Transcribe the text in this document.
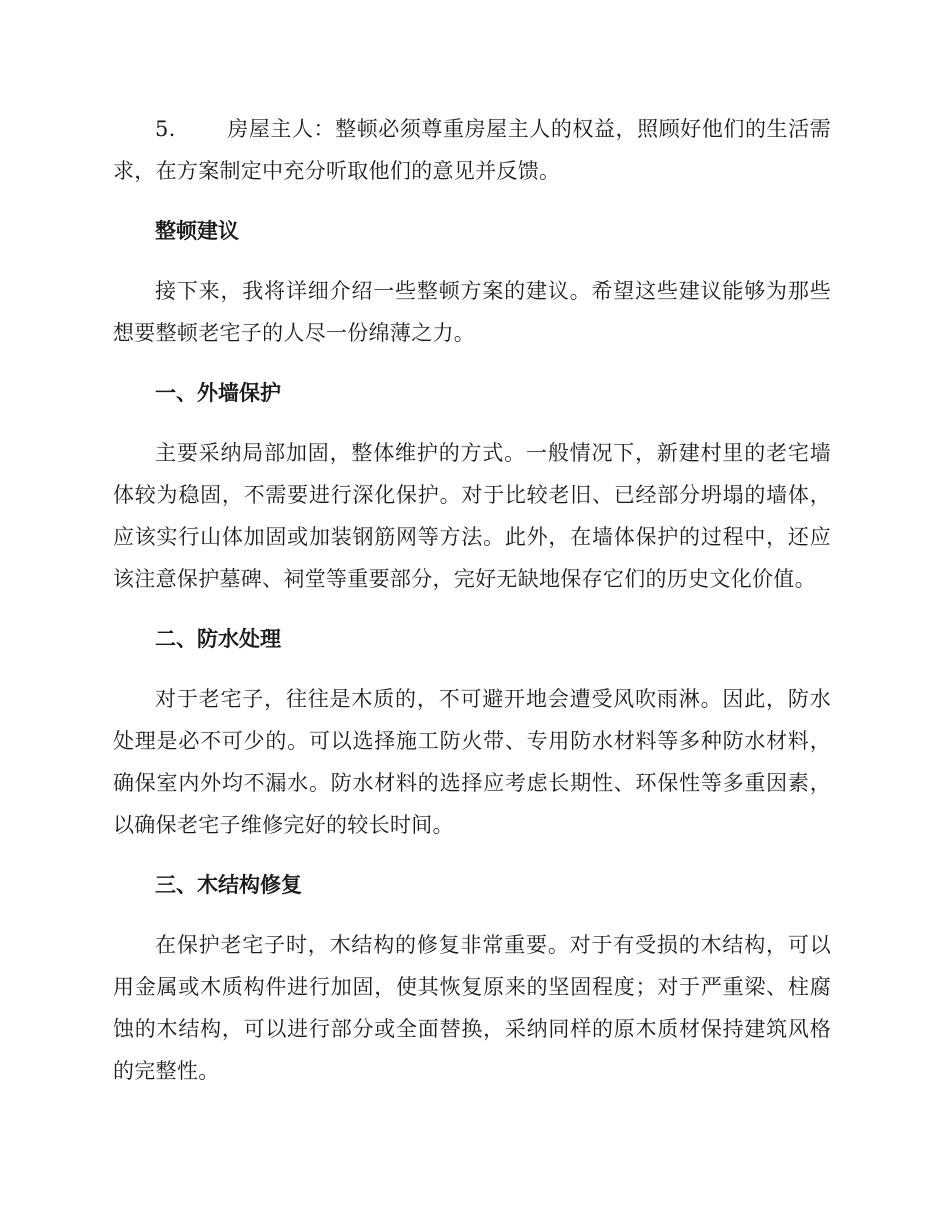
5. 房屋主人：整顿必须尊重房屋主人的权益，照顾好他们的生活需求，在方案制定中充分听取他们的意见并反馈。

整顿建议

接下来，我将详细介绍一些整顿方案的建议。希望这些建议能够为那些想要整顿老宅子的人尽一份绵薄之力。

一、外墙保护

主要采纳局部加固，整体维护的方式。一般情况下，新建村里的老宅墙体较为稳固，不需要进行深化保护。对于比较老旧、已经部分坍塌的墙体，应该实行山体加固或加装钢筋网等方法。此外，在墙体保护的过程中，还应该注意保护墓碑、祠堂等重要部分，完好无缺地保存它们的历史文化价值。

二、防水处理

对于老宅子，往往是木质的，不可避开地会遭受风吹雨淋。因此，防水处理是必不可少的。可以选择施工防火带、专用防水材料等多种防水材料，确保室内外均不漏水。防水材料的选择应考虑长期性、环保性等多重因素，以确保老宅子维修完好的较长时间。

三、木结构修复

在保护老宅子时，木结构的修复非常重要。对于有受损的木结构，可以用金属或木质构件进行加固，使其恢复原来的坚固程度；对于严重梁、柱腐蚀的木结构，可以进行部分或全面替换，采纳同样的原木质材保持建筑风格的完整性。
